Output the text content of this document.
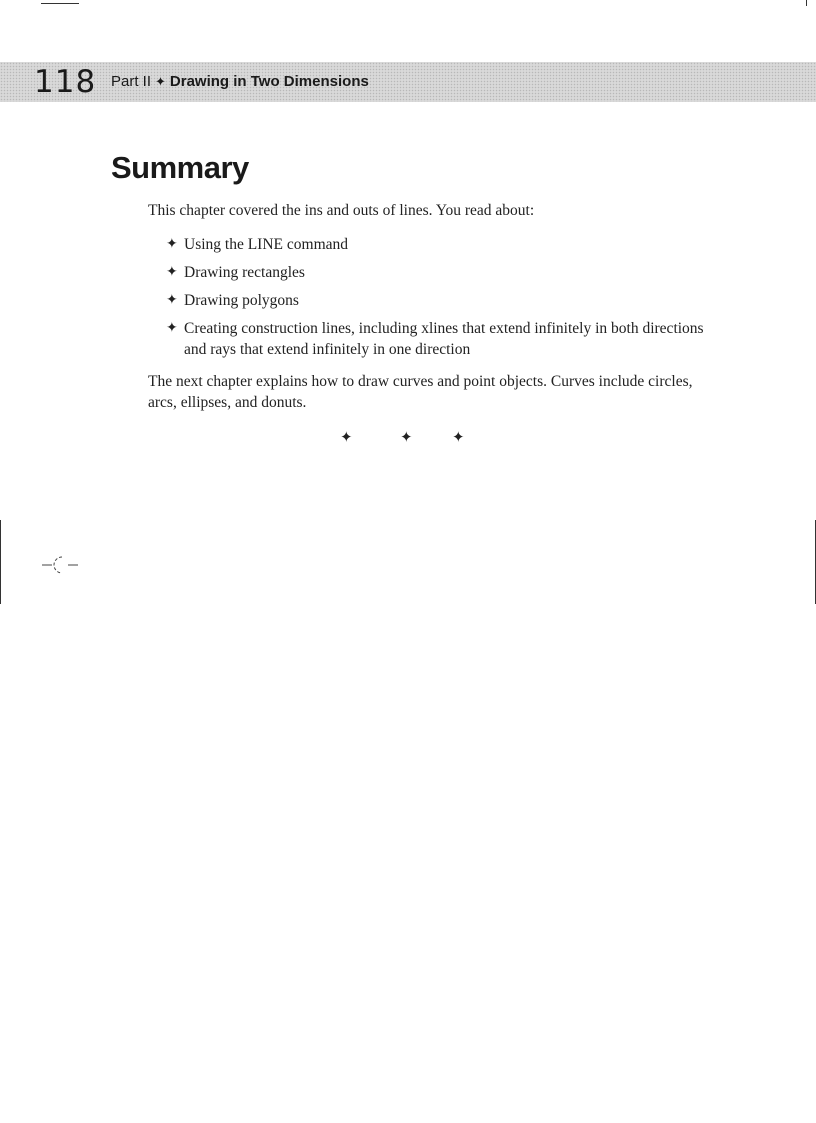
118 Part II ✦ Drawing in Two Dimensions
Summary

This chapter covered the ins and outs of lines. You read about:

✦ Using the LINE command
✦ Drawing rectangles
✦ Drawing polygons
✦ Creating construction lines, including xlines that extend infinitely in both directions and rays that extend infinitely in one direction

The next chapter explains how to draw curves and point objects. Curves include circles, arcs, ellipses, and donuts.

✦	✦	✦
